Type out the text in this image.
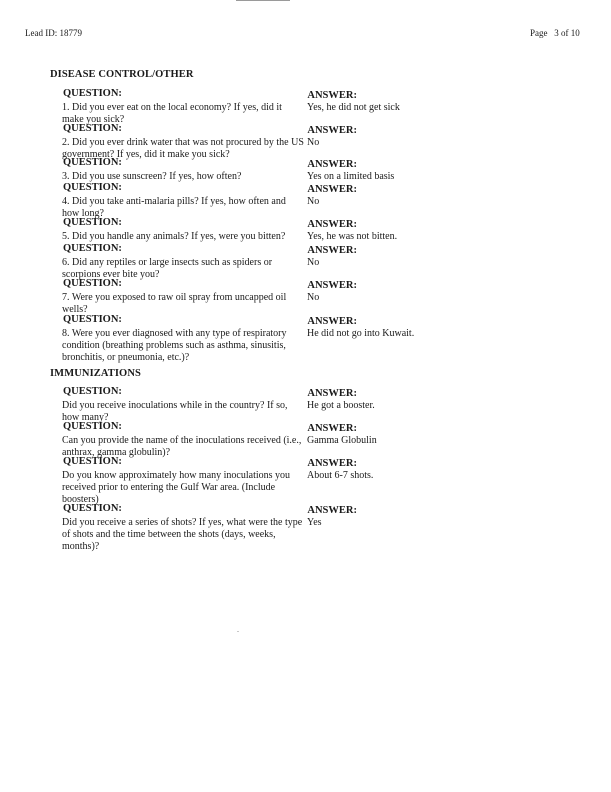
Lead ID: 18779	Page   3 of 10
DISEASE CONTROL/OTHER
QUESTION:	ANSWER:
1. Did you ever eat on the local economy? If yes, did it make you sick?
Yes, he did not get sick
QUESTION:	ANSWER:
2. Did you ever drink water that was not procured by the US government? If yes, did it make you sick?
No
QUESTION:	ANSWER:
3. Did you use sunscreen? If yes, how often?	Yes on a limited basis
QUESTION:	ANSWER:
4. Did you take anti-malaria pills? If yes, how often and how long?
No
QUESTION:	ANSWER:
5. Did you handle any animals? If yes, were you bitten?	Yes, he was not bitten.
QUESTION:	ANSWER:
6. Did any reptiles or large insects such as spiders or scorpions ever bite you?
No
QUESTION:	ANSWER:
7. Were you exposed to raw oil spray from uncapped oil wells?
No
QUESTION:	ANSWER:
8. Were you ever diagnosed with any type of respiratory condition (breathing problems such as asthma, sinusitis, bronchitis, or pneumonia, etc.)?
He did not go into Kuwait.
IMMUNIZATIONS
QUESTION:	ANSWER:
Did you receive inoculations while in the country? If so, how many?
He got a booster.
QUESTION:	ANSWER:
Can you provide the name of the inoculations received (i.e., anthrax, gamma globulin)?
Gamma Globulin
QUESTION:	ANSWER:
Do you know approximately how many inoculations you received prior to entering the Gulf War area. (Include boosters)
About 6-7 shots.
QUESTION:	ANSWER:
Did you receive a series of shots? If yes, what were the type of shots and the time between the shots (days, weeks, months)?
Yes
